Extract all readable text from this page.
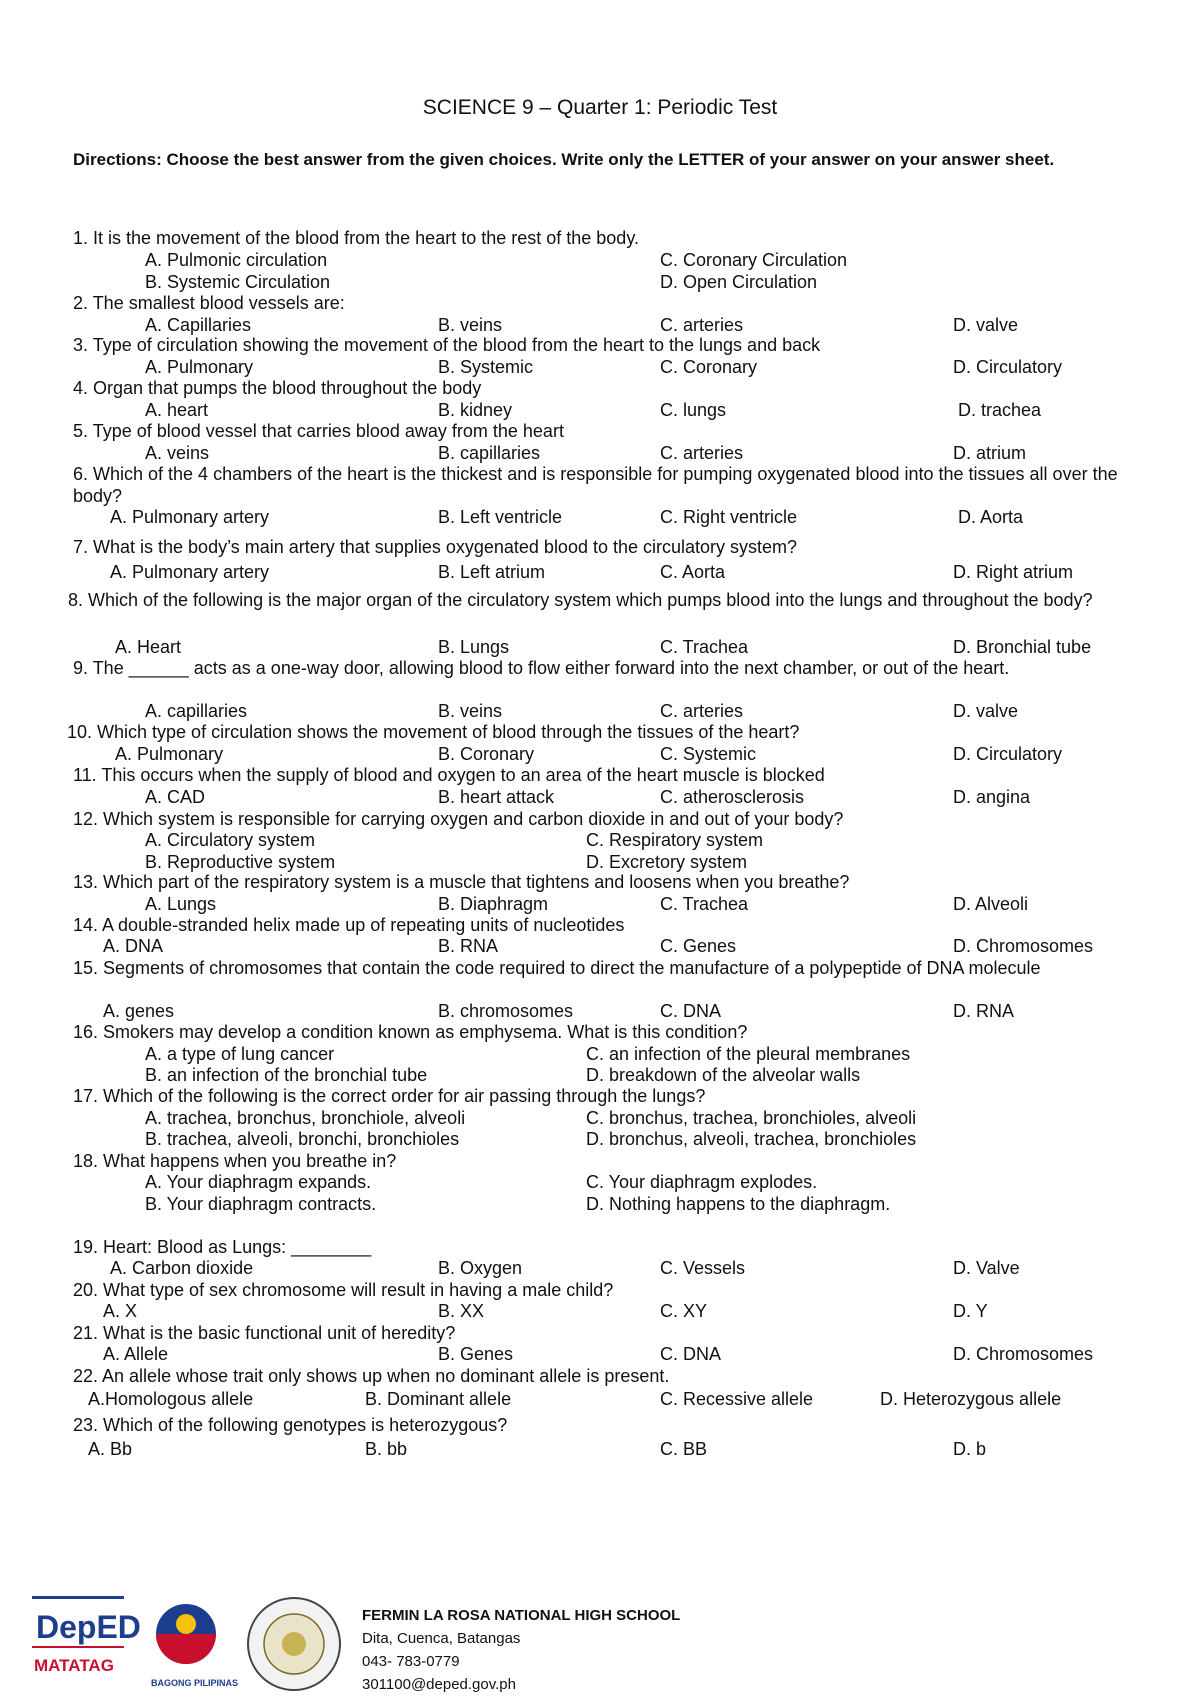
SCIENCE 9 – Quarter 1: Periodic Test
Directions: Choose the best answer from the given choices. Write only the LETTER of your answer on your answer sheet.
1. It is the movement of the blood from the heart to the rest of the body.
A. Pulmonic circulation	C. Coronary Circulation
B. Systemic Circulation	D. Open Circulation
2. The smallest blood vessels are:
A. Capillaries	B. veins	C. arteries	D. valve
3. Type of circulation showing the movement of the blood from the heart to the lungs and back
A. Pulmonary	B. Systemic	C. Coronary	D. Circulatory
4. Organ that pumps the blood throughout the body
A. heart	B. kidney	C. lungs	D. trachea
5. Type of blood vessel that carries blood away from the heart
A. veins	B. capillaries	C. arteries	D. atrium
6. Which of the 4 chambers of the heart is the thickest and is responsible for pumping oxygenated blood into the tissues all over the body?
A. Pulmonary artery	B. Left ventricle	C. Right ventricle	D. Aorta
7. What is the body’s main artery that supplies oxygenated blood to the circulatory system?
A. Pulmonary artery	B. Left atrium	C. Aorta	D. Right atrium
8. Which of the following is the major organ of the circulatory system which pumps blood into the lungs and throughout the body?
A. Heart	B. Lungs	C. Trachea	D. Bronchial tube
9. The ______ acts as a one-way door, allowing blood to flow either forward into the next chamber, or out of the heart.
A. capillaries	B. veins	C. arteries	D. valve
10. Which type of circulation shows the movement of blood through the tissues of the heart?
A. Pulmonary	B. Coronary	C. Systemic	D. Circulatory
11. This occurs when the supply of blood and oxygen to an area of the heart muscle is blocked
A. CAD	B. heart attack	C. atherosclerosis	D. angina
12. Which system is responsible for carrying oxygen and carbon dioxide in and out of your body?
A. Circulatory system	C. Respiratory system
B. Reproductive system	D. Excretory system
13. Which part of the respiratory system is a muscle that tightens and loosens when you breathe?
A. Lungs	B. Diaphragm	C. Trachea	D. Alveoli
14. A double-stranded helix made up of repeating units of nucleotides
A. DNA	B. RNA	C. Genes	D. Chromosomes
15. Segments of chromosomes that contain the code required to direct the manufacture of a polypeptide of DNA molecule
A. genes	B. chromosomes	C. DNA	D. RNA
16. Smokers may develop a condition known as emphysema. What is this condition?
A. a type of lung cancer	C. an infection of the pleural membranes
B. an infection of the bronchial tube	D. breakdown of the alveolar walls
17. Which of the following is the correct order for air passing through the lungs?
A. trachea, bronchus, bronchiole, alveoli	C. bronchus, trachea, bronchioles, alveoli
B. trachea, alveoli, bronchi, bronchioles	D. bronchus, alveoli, trachea, bronchioles
18. What happens when you breathe in?
A. Your diaphragm expands.	C. Your diaphragm explodes.
B. Your diaphragm contracts.	D. Nothing happens to the diaphragm.
19. Heart: Blood as Lungs: ________
A. Carbon dioxide	B. Oxygen	C. Vessels	D. Valve
20. What type of sex chromosome will result in having a male child?
A. X	B. XX	C. XY	D. Y
21. What is the basic functional unit of heredity?
A. Allele	B. Genes	C. DNA	D. Chromosomes
22. An allele whose trait only shows up when no dominant allele is present.
A.Homologous allele	B. Dominant allele	C. Recessive allele	D. Heterozygous allele
23. Which of the following genotypes is heterozygous?
A. Bb	B. bb	C. BB	D. b
DepED
MATATAG
BAGONG PILIPINAS
FERMIN LA ROSA NATIONAL HIGH SCHOOL
Dita, Cuenca, Batangas
043- 783-0779
301100@deped.gov.ph
